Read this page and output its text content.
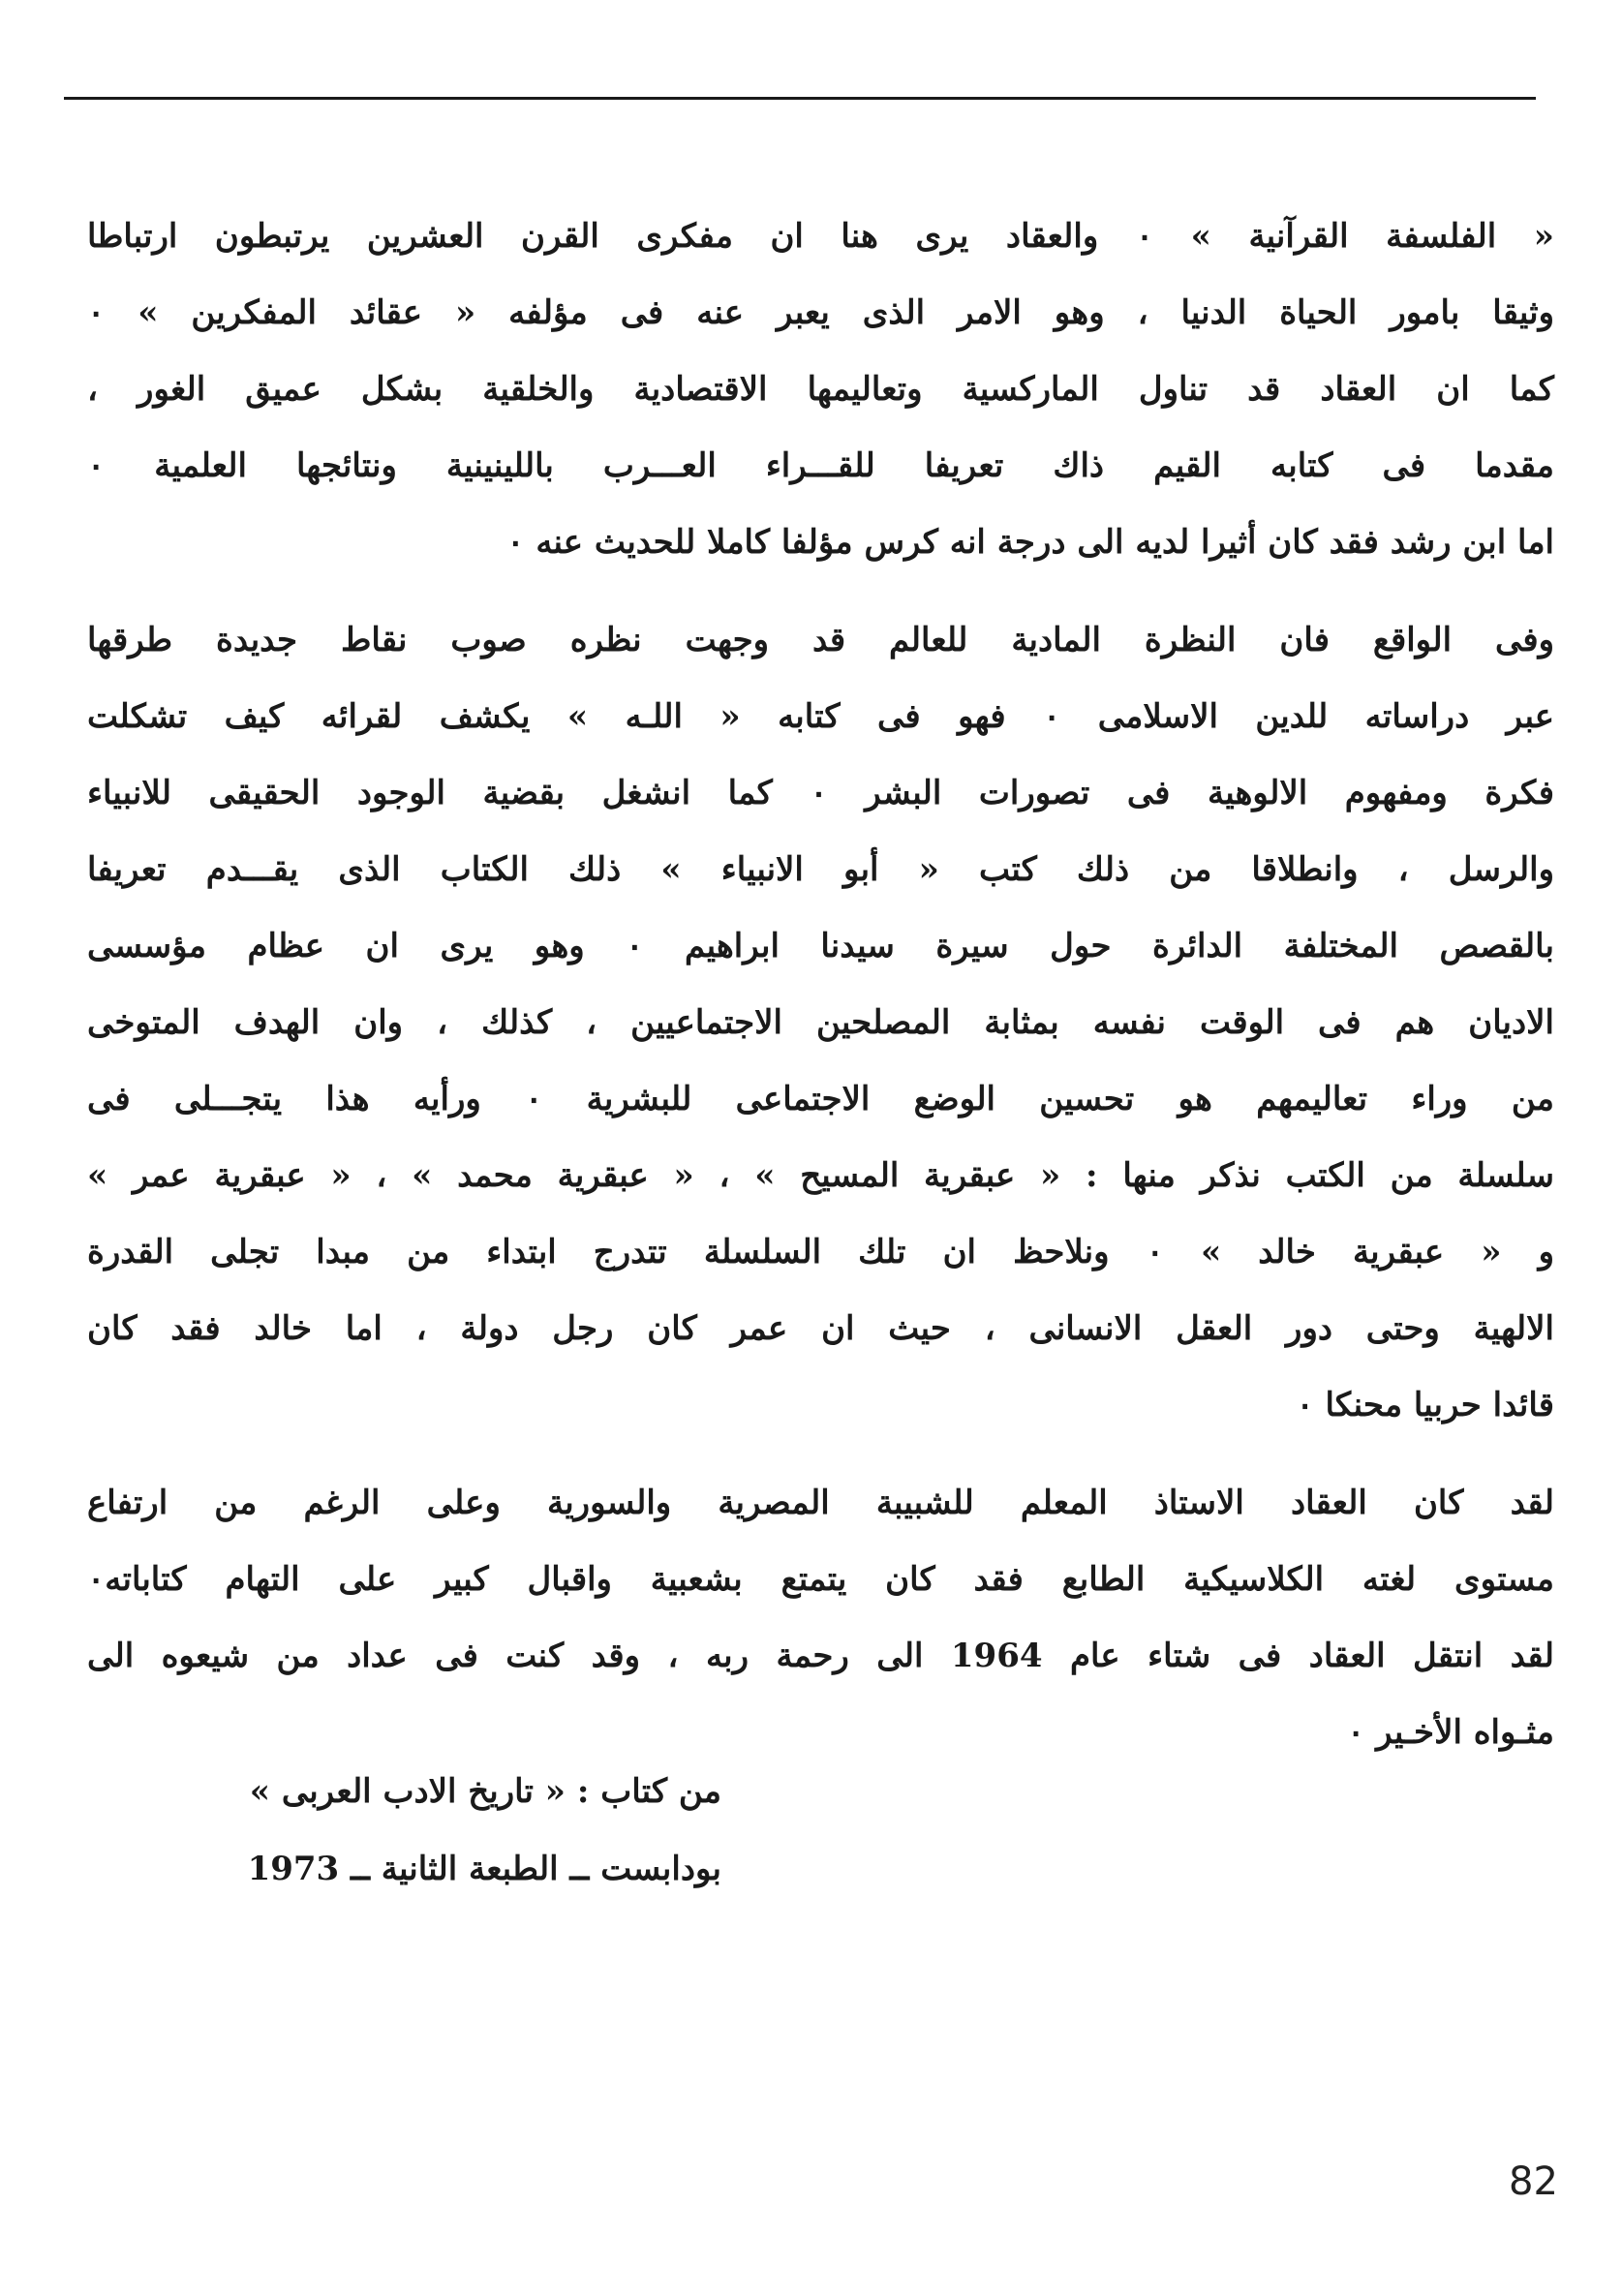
« الفلسفة القرآنية » ٠ والعقاد يرى هنا ان مفكرى القرن العشرين يرتبطون ارتباطا
وثيقا بامور الحياة الدنيا ، وهو الامر الذى يعبر عنه فى مؤلفه « عقائد المفكرين » ٠
كما ان العقاد قد تناول الماركسية وتعاليمها الاقتصادية والخلقية بشكل عميق الغور ،
مقدما فى كتابه القيم ذاك تعريفا للقـــراء العـــرب باللينينية ونتائجها العلمية ٠
اما ابن رشد فقد كان أثيرا لديه الى درجة انه كرس مؤلفا كاملا للحديث عنه ٠

وفى الواقع فان النظرة المادية للعالم قد وجهت نظره صوب نقاط جديدة طرقها
عبر دراساته للدين الاسلامى ٠ فهو فى كتابه « اللـه » يكشف لقرائه كيف تشكلت
فكرة ومفهوم الالوهية فى تصورات البشر ٠ كما انشغل بقضية الوجود الحقيقى للانبياء
والرسل ، وانطلاقا من ذلك كتب « أبو الانبياء » ذلك الكتاب الذى يقـــدم تعريفا
بالقصص المختلفة الدائرة حول سيرة سيدنا ابراهيم ٠ وهو يرى ان عظام مؤسسى
الاديان هم فى الوقت نفسه بمثابة المصلحين الاجتماعيين ، كذلك ، وان الهدف المتوخى
من وراء تعاليمهم هو تحسين الوضع الاجتماعى للبشرية ٠ ورأيه هذا يتجـــلى فى
سلسلة من الكتب نذكر منها : « عبقرية المسيح » ، « عبقرية محمد » ، « عبقرية عمر »
و « عبقرية خالد » ٠ ونلاحظ ان تلك السلسلة تتدرج ابتداء من مبدا تجلى القدرة
الالهية وحتى دور العقل الانسانى ، حيث ان عمر كان رجل دولة ، اما خالد فقد كان
قائدا حربيا محنكا ٠

لقد كان العقاد الاستاذ المعلم للشبيبة المصرية والسورية وعلى الرغم من ارتفاع
مستوى لغته الكلاسيكية الطابع فقد كان يتمتع بشعبية واقبال كبير على التهام كتاباته٠
لقد انتقل العقاد فى شتاء عام 1964 الى رحمة ربه ، وقد كنت فى عداد من شيعوه الى
مثـواه الأخـير ٠

من كتاب : « تاريخ الادب العربى »
بودابست ــ الطبعة الثانية ــ 1973
82
